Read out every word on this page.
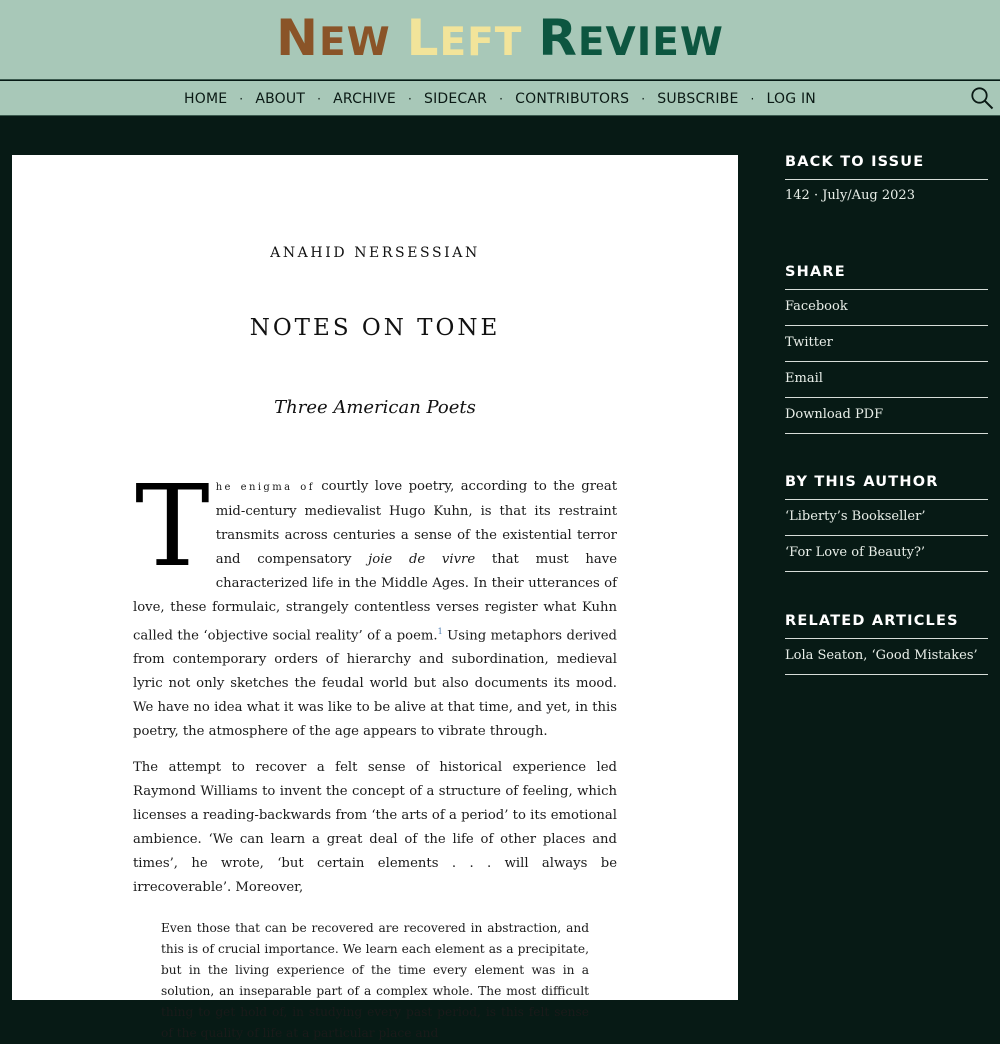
NEW LEFT REVIEW
HOME	· ABOUT	· ARCHIVE	· SIDECAR	· CONTRIBUTORS	· SUBSCRIBE	· LOG IN
ANAHID NERSESSIAN
NOTES ON TONE
Three American Poets

The enigma of courtly love poetry, according to the great mid-century medievalist Hugo Kuhn, is that its restraint transmits across centuries a sense of the existential terror and compensatory joie de vivre that must have characterized life in the Middle Ages. In their utterances of love, these formulaic, strangely contentless verses register what Kuhn called the ‘objective social reality’ of a poem.$^1$ Using metaphors derived from contemporary orders of hierarchy and subordination, medieval lyric not only sketches the feudal world but also documents its mood. We have no idea what it was like to be alive at that time, and yet, in this poetry, the atmosphere of the age appears to vibrate through.

The attempt to recover a felt sense of historical experience led Raymond Williams to invent the concept of a structure of feeling, which licenses a reading-backwards from ‘the arts of a period’ to its emotional ambience. ‘We can learn a great deal of the life of other places and times’, he wrote, ‘but certain elements . . . will always be irrecoverable’. Moreover,

Even those that can be recovered are recovered in abstraction, and this is of crucial importance. We learn each element as a precipitate, but in the living experience of the time every element was in a solution, an inseparable part of a complex whole. The most difficult thing to get hold of, in studying every past period, is this felt sense of the quality of life at a particular place and
BACK TO ISSUE
142 · July/Aug 2023
SHARE
Facebook
Twitter
Email
Download PDF
BY THIS AUTHOR
‘Liberty’s Bookseller’
‘For Love of Beauty?’
RELATED ARTICLES
Lola Seaton, ‘Good Mistakes’
